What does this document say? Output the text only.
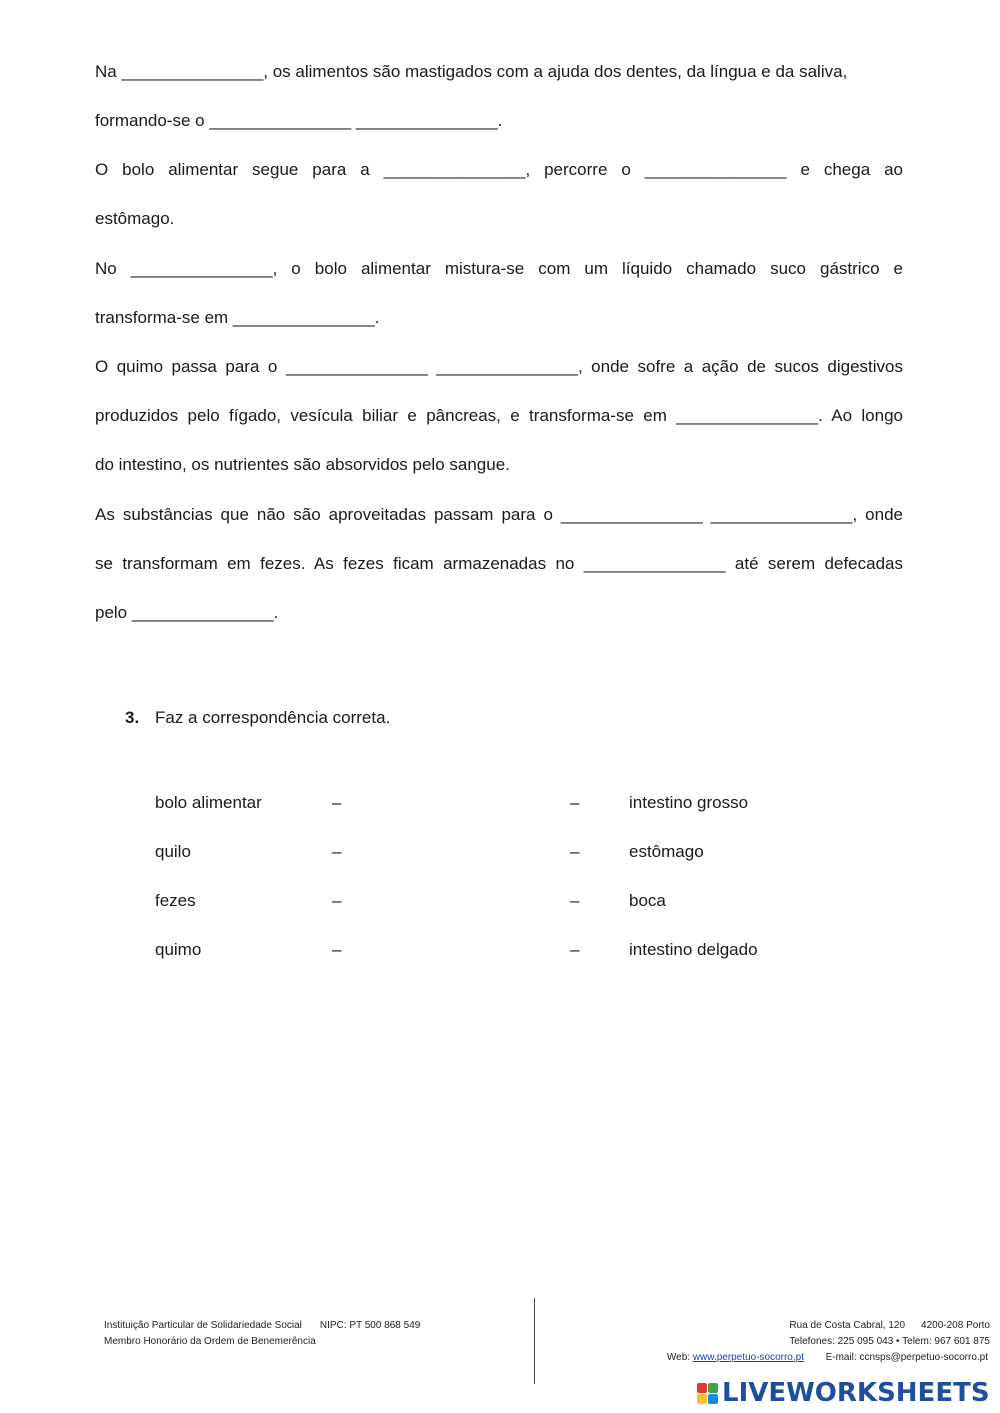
Na _______________, os alimentos são mastigados com a ajuda dos dentes, da língua e da saliva,
formando-se o _______________ _______________.
O bolo alimentar segue para a _______________, percorre o _______________ e chega ao
estômago.
No _______________, o bolo alimentar mistura-se com um líquido chamado suco gástrico e
transforma-se em _______________.
O quimo passa para o _______________ _______________, onde sofre a ação de sucos digestivos
produzidos pelo fígado, vesícula biliar e pâncreas, e transforma-se em _______________. Ao longo
do intestino, os nutrientes são absorvidos pelo sangue.
As substâncias que não são aproveitadas passam para o _______________ _______________, onde
se transformam em fezes. As fezes ficam armazenadas no _______________ até serem defecadas
pelo _______________.
3. Faz a correspondência correta.
bolo alimentar	–	–	intestino grosso
quilo	–	–	estômago
fezes	–	–	boca
quimo	–	–	intestino delgado
Instituição Particular de Solidariedade Social NIPC: PT 500 868 549
Membro Honorário da Ordem de Benemerência
Rua de Costa Cabral, 120 4200-208 Porto
Telefones: 225 095 043 • Telem: 967 601 875
Web: www.perpetuo-socorro.pt E-mail: ccnsps@perpetuo-socorro.pt
LIVEWORKSHEETS
